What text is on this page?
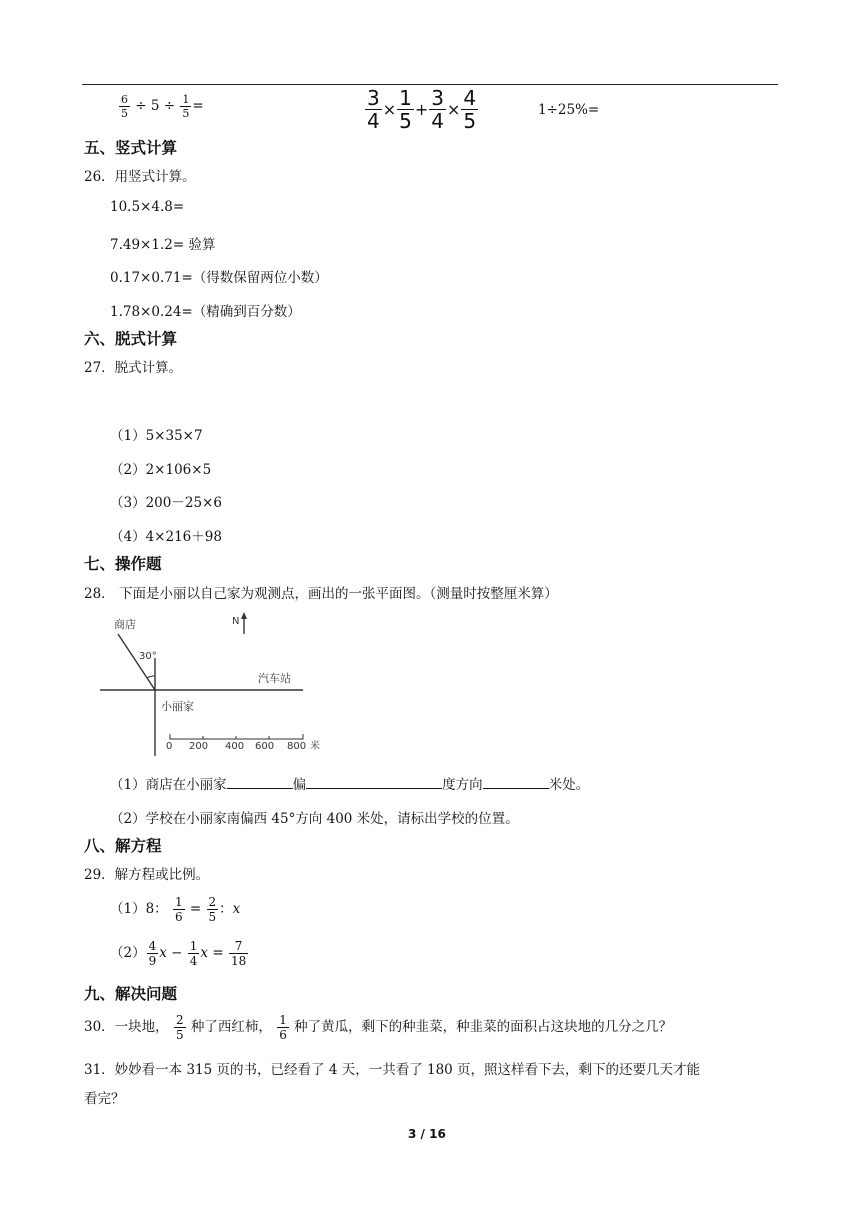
$\frac{6}{5} \div 5 \div \frac{1}{5}$ =	$\frac{3}{4} \times \frac{1}{5} + \frac{3}{4} \times \frac{4}{5}$	1÷25%=
五、竖式计算
26．用竖式计算。
10.5×4.8=
7.49×1.2= 验算
0.17×0.71=（得数保留两位小数）
1.78×0.24=（精确到百分数）
六、脱式计算
27．脱式计算。
（1）5×35×7
（2）2×106×5
（3）200－25×6
（4）4×216＋98
七、操作题
28． 下面是小丽以自己家为观测点，画出的一张平面图。（测量时按整厘米算）
商店	N
30°
汽车站
小丽家
0 200 400 600 800 米
（1）商店在小丽家	偏	度方向	米处。
（2）学校在小丽家南偏西 45°方向 400 米处，请标出学校的位置。
八、解方程
29．解方程或比例。
（1）8： $\frac{1}{6} = \frac{2}{5}$ ：x
$(2) \frac{4}{9}$ $x - \frac{1}{4}$ $x = \frac{7}{18}$
九、解决问题
30．一块地， $\frac{2}{5}$ 种了西红柿， $\frac{1}{6}$ 种了黄瓜，剩下的种韭菜，种韭菜的面积占这块地的几分之几？
31．妙妙看一本 315 页的书，已经看了 4 天，一共看了 180 页，照这样看下去，剩下的还要几天才能
看完？
3 / 16
